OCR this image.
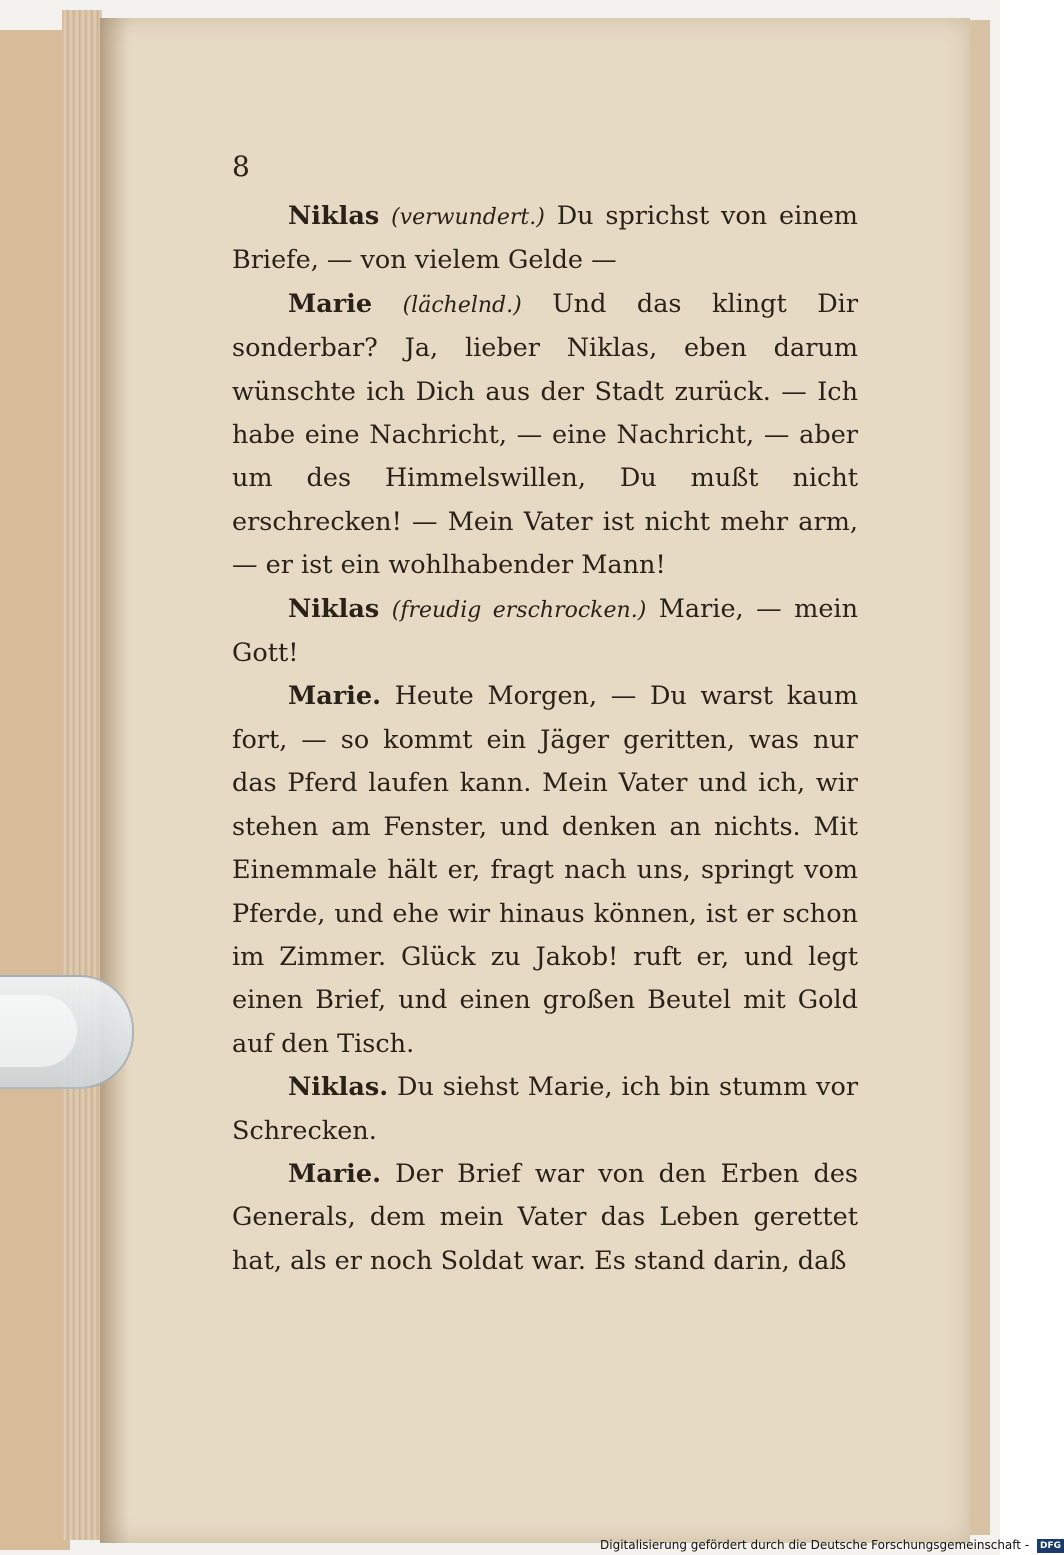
8

Niklas (verwundert.) Du sprichst von einem Briefe, — von vielem Gelde —

Marie (lächelnd.) Und das klingt Dir sonderbar? Ja, lieber Niklas, eben darum wünschte ich Dich aus der Stadt zurück. — Ich habe eine Nachricht, — eine Nachricht, — aber um des Himmelswillen, Du mußt nicht erschrecken! — Mein Vater ist nicht mehr arm, — er ist ein wohlhabender Mann!

Niklas (freudig erschrocken.) Marie, — mein Gott!

Marie. Heute Morgen, — Du warst kaum fort, — so kommt ein Jäger geritten, was nur das Pferd laufen kann. Mein Vater und ich, wir stehen am Fenster, und denken an nichts. Mit Einemmale hält er, fragt nach uns, springt vom Pferde, und ehe wir hinaus können, ist er schon im Zimmer. Glück zu Jakob! ruft er, und legt einen Brief, und einen großen Beutel mit Gold auf den Tisch.

Niklas. Du siehst Marie, ich bin stumm vor Schrecken.

Marie. Der Brief war von den Erben des Generals, dem mein Vater das Leben gerettet hat, als er noch Soldat war. Es stand darin, daß

Digitalisierung gefördert durch die Deutsche Forschungsgemeinschaft - DFG
